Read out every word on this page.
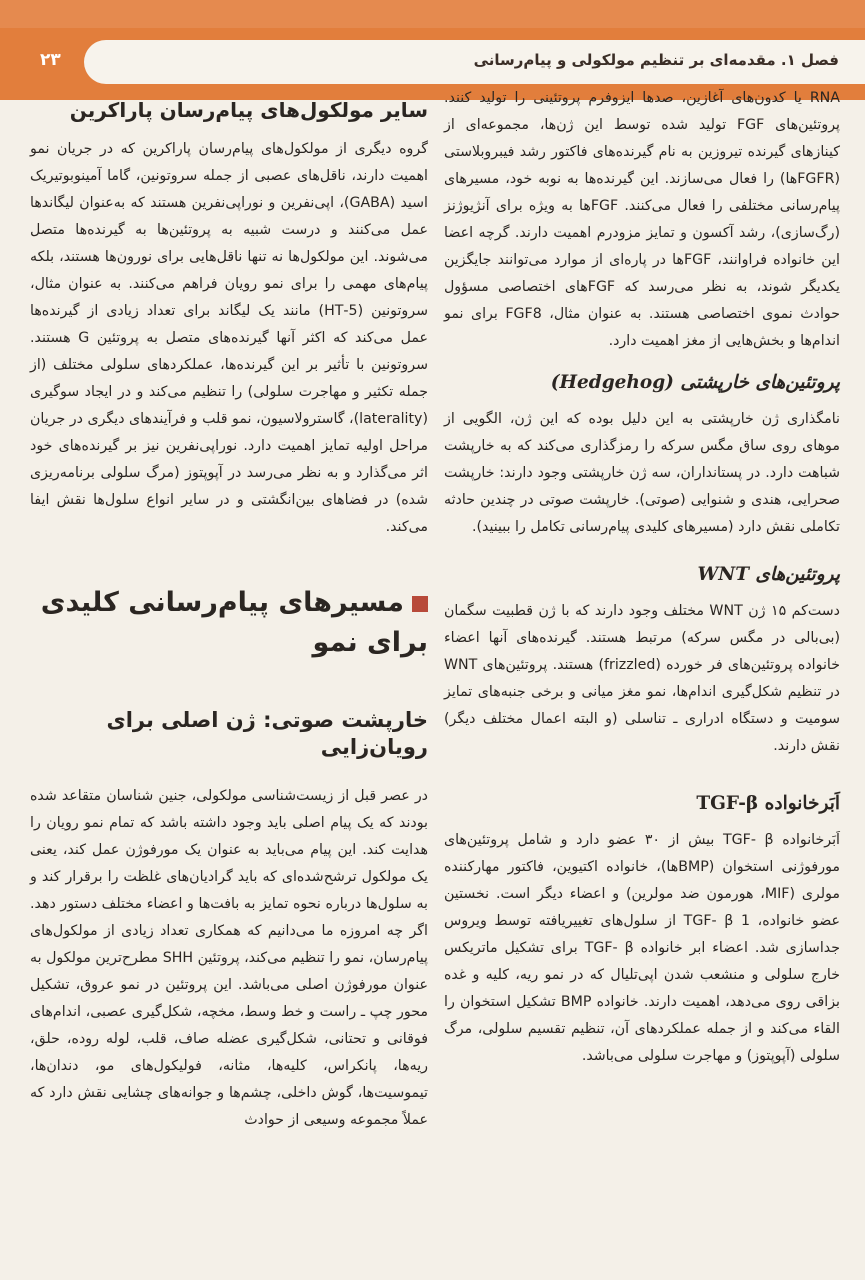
فصل ۱. مقدمه‌ای بر تنظیم مولکولی و پیام‌رسانی
۲۳

RNA یا کدون‌های آغازین، صدها ایزوفرم پروتئینی را تولید کنند. پروتئین‌های FGF تولید شده توسط این ژن‌ها، مجموعه‌ای از کینازهای گیرنده تیروزین به نام گیرنده‌های فاکتور رشد فیبروبلاستی (FGFRها) را فعال می‌سازند. این گیرنده‌ها به نوبه خود، مسیرهای پیام‌رسانی مختلفی را فعال می‌کنند. FGFها به ویژه برای آنژیوژنز (رگ‌سازی)، رشد آکسون و تمایز مزودرم اهمیت دارند. گرچه اعضا این خانواده فراوانند، FGFها در پاره‌ای از موارد می‌توانند جایگزین یکدیگر شوند، به نظر می‌رسد که FGFهای اختصاصی مسؤول حوادث نموی اختصاصی هستند. به عنوان مثال، FGF8 برای نمو اندام‌ها و بخش‌هایی از مغز اهمیت دارد.

پروتئین‌های خارپشتی (Hedgehog)

نامگذاری ژن خارپشتی به این دلیل بوده که این ژن، الگویی از موهای روی ساق مگس سرکه را رمزگذاری می‌کند که به خارپشت شباهت دارد. در پستانداران، سه ژن خارپشتی وجود دارند: خارپشت صحرایی، هندی و شنوایی (صوتی). خارپشت صوتی در چندین حادثه تکاملی نقش دارد (مسیرهای کلیدی پیام‌رسانی تکامل را ببینید).

پروتئین‌های WNT

دست‌کم ۱۵ ژن WNT مختلف وجود دارند که با ژن قطبیت سگمان (بی‌بالی در مگس سرکه) مرتبط هستند. گیرنده‌های آنها اعضاء خانواده پروتئین‌های فر خورده (frizzled) هستند. پروتئین‌های WNT در تنظیم شکل‌گیری اندام‌ها، نمو مغز میانی و برخی جنبه‌های تمایز سومیت و دستگاه ادراری ـ تناسلی (و البته اعمال مختلف دیگر) نقش دارند.

اَبَرخانواده TGF-β

اَبَرخانواده TGF- β بیش از ۳۰ عضو دارد و شامل پروتئین‌های مورفوژنی استخوان (BMPها)، خانواده اکتیوین، فاکتور مهارکننده مولری (MIF، هورمون ضد مولرین) و اعضاء دیگر است. نخستین عضو خانواده، TGF- β 1 از سلول‌های تغییریافته توسط ویروس جداسازی شد. اعضاء ابر خانواده TGF- β برای تشکیل ماتریکس خارج سلولی و منشعب شدن اپی‌تلیال که در نمو ریه، کلیه و غده بزاقی روی می‌دهد، اهمیت دارند. خانواده BMP تشکیل استخوان را القاء می‌کند و از جمله عملکردهای آن، تنظیم تقسیم سلولی، مرگ سلولی (آپوپتوز) و مهاجرت سلولی می‌باشد.

سایر مولکول‌های پیام‌رسان پاراکرین

گروه دیگری از مولکول‌های پیام‌رسان پاراکرین که در جریان نمو اهمیت دارند، ناقل‌های عصبی از جمله سروتونین، گاما آمینوبوتیریک اسید (GABA)، اپی‌نفرین و نوراپی‌نفرین هستند که به‌عنوان لیگاندها عمل می‌کنند و درست شبیه به پروتئین‌ها به گیرنده‌ها متصل می‌شوند. این مولکول‌ها نه تنها ناقل‌هایی برای نورون‌ها هستند، بلکه پیام‌های مهمی را برای نمو رویان فراهم می‌کنند. به عنوان مثال، سروتونین (5-HT) مانند یک لیگاند برای تعداد زیادی از گیرنده‌ها عمل می‌کند که اکثر آنها گیرنده‌های متصل به پروتئین G هستند. سروتونین با تأثیر بر این گیرنده‌ها، عملکردهای سلولی مختلف (از جمله تکثیر و مهاجرت سلولی) را تنظیم می‌کند و در ایجاد سوگیری (laterality)، گاسترولاسیون، نمو قلب و فرآیندهای دیگری در جریان مراحل اولیه تمایز اهمیت دارد. نوراپی‌نفرین نیز بر گیرنده‌های خود اثر می‌گذارد و به نظر می‌رسد در آپوپتوز (مرگ سلولی برنامه‌ریزی شده) در فضاهای بین‌انگشتی و در سایر انواع سلول‌ها نقش ایفا می‌کند.

مسیرهای پیام‌رسانی کلیدی برای نمو
خارپشت صوتی: ژن اصلی برای رویان‌زایی

در عصر قبل از زیست‌شناسی مولکولی، جنین شناسان متقاعد شده بودند که یک پیام اصلی باید وجود داشته باشد که تمام نمو رویان را هدایت کند. این پیام می‌باید به عنوان یک مورفوژن عمل کند، یعنی یک مولکول ترشح‌شده‌ای که باید گرادیان‌های غلظت را برقرار کند و به سلول‌ها درباره نحوه تمایز به بافت‌ها و اعضاء مختلف دستور دهد. اگر چه امروزه ما می‌دانیم که همکاری تعداد زیادی از مولکول‌های پیام‌رسان، نمو را تنظیم می‌کند، پروتئین SHH مطرح‌ترین مولکول به عنوان مورفوژن اصلی می‌باشد. این پروتئین در نمو عروق، تشکیل محور چپ ـ راست و خط وسط، مخچه، شکل‌گیری عصبی، اندام‌های فوقانی و تحتانی، شکل‌گیری عضله صاف، قلب، لوله روده، حلق، ریه‌ها، پانکراس، کلیه‌ها، مثانه، فولیکول‌های مو، دندان‌ها، تیموسیت‌ها، گوش داخلی، چشم‌ها و جوانه‌های چشایی نقش دارد که عملاً مجموعه وسیعی از حوادث
